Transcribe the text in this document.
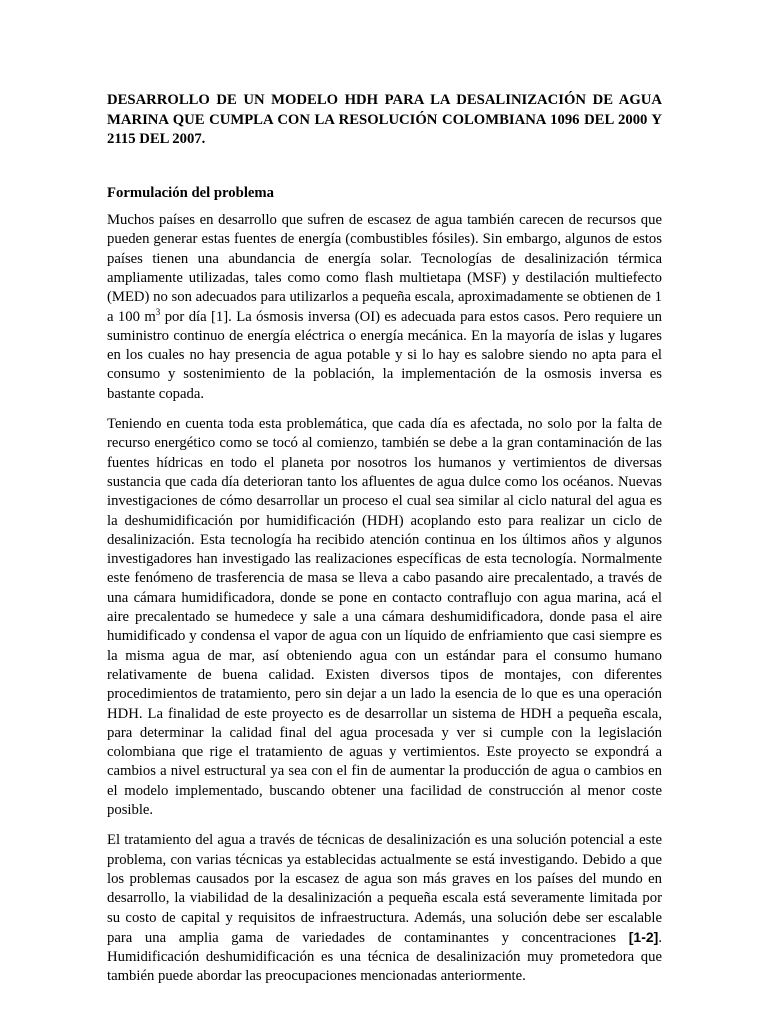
DESARROLLO DE UN MODELO HDH PARA LA DESALINIZACIÓN DE AGUA MARINA QUE CUMPLA CON LA RESOLUCIÓN COLOMBIANA 1096 DEL 2000 Y 2115 DEL 2007.
Formulación del problema

Muchos países en desarrollo que sufren de escasez de agua también carecen de recursos que pueden generar estas fuentes de energía (combustibles fósiles). Sin embargo, algunos de estos países tienen una abundancia de energía solar. Tecnologías de desalinización térmica ampliamente utilizadas, tales como como flash multietapa (MSF) y destilación multiefecto (MED) no son adecuados para utilizarlos a pequeña escala, aproximadamente se obtienen de 1 a 100 $m^3$ por día [1]. La ósmosis inversa (OI) es adecuada para estos casos. Pero requiere un suministro continuo de energía eléctrica o energía mecánica. En la mayoría de islas y lugares en los cuales no hay presencia de agua potable y si lo hay es salobre siendo no apta para el consumo y sostenimiento de la población, la implementación de la osmosis inversa es bastante copada.

Teniendo en cuenta toda esta problemática, que cada día es afectada, no solo por la falta de recurso energético como se tocó al comienzo, también se debe a la gran contaminación de las fuentes hídricas en todo el planeta por nosotros los humanos y vertimientos de diversas sustancia que cada día deterioran tanto los afluentes de agua dulce como los océanos. Nuevas investigaciones de cómo desarrollar un proceso el cual sea similar al ciclo natural del agua es la deshumidificación por humidificación (HDH) acoplando esto para realizar un ciclo de desalinización. Esta tecnología ha recibido atención continua en los últimos años y algunos investigadores han investigado las realizaciones específicas de esta tecnología. Normalmente este fenómeno de trasferencia de masa se lleva a cabo pasando aire precalentado, a través de una cámara humidificadora, donde se pone en contacto contraflujo con agua marina, acá el aire precalentado se humedece y sale a una cámara deshumidificadora, donde pasa el aire humidificado y condensa el vapor de agua con un líquido de enfriamiento que casi siempre es la misma agua de mar, así obteniendo agua con un estándar para el consumo humano relativamente de buena calidad. Existen diversos tipos de montajes, con diferentes procedimientos de tratamiento, pero sin dejar a un lado la esencia de lo que es una operación HDH. La finalidad de este proyecto es de desarrollar un sistema de HDH a pequeña escala, para determinar la calidad final del agua procesada y ver si cumple con la legislación colombiana que rige el tratamiento de aguas y vertimientos. Este proyecto se expondrá a cambios a nivel estructural ya sea con el fin de aumentar la producción de agua o cambios en el modelo implementado, buscando obtener una facilidad de construcción al menor coste posible.

El tratamiento del agua a través de técnicas de desalinización es una solución potencial a este problema, con varias técnicas ya establecidas actualmente se está investigando. Debido a que los problemas causados por la escasez de agua son más graves en los países del mundo en desarrollo, la viabilidad de la desalinización a pequeña escala está severamente limitada por su costo de capital y requisitos de infraestructura. Además, una solución debe ser escalable para una amplia gama de variedades de contaminantes y concentraciones [1-2]. Humidificación deshumidificación es una técnica de desalinización muy prometedora que también puede abordar las preocupaciones mencionadas anteriormente.
